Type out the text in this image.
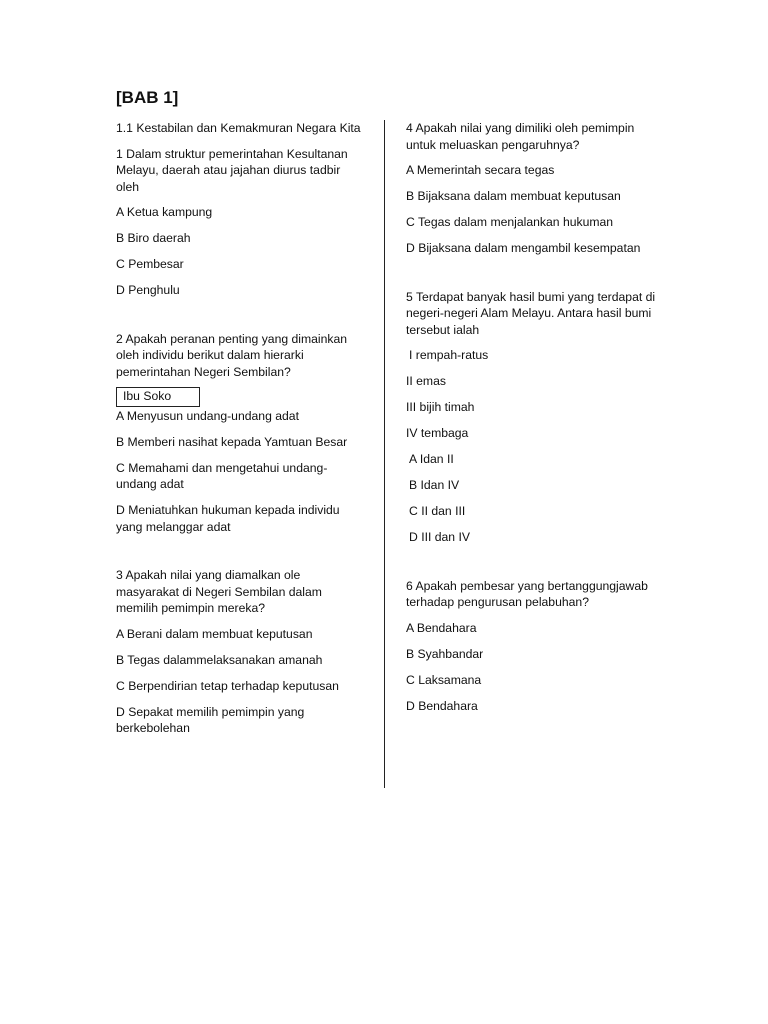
[BAB 1]

1.1 Kestabilan dan Kemakmuran Negara Kita

1 Dalam struktur pemerintahan Kesultanan Melayu, daerah atau jajahan diurus tadbir oleh

A Ketua kampung

B Biro daerah

C Pembesar

D Penghulu

2 Apakah peranan penting yang dimainkan oleh individu berikut dalam hierarki pemerintahan Negeri Sembilan?

Ibu Soko

A Menyusun undang-undang adat

B Memberi nasihat kepada Yamtuan Besar

C Memahami dan mengetahui undang-undang adat

D Meniatuhkan hukuman kepada individu yang melanggar adat

3 Apakah nilai yang diamalkan ole masyarakat di Negeri Sembilan dalam memilih pemimpin mereka?

A Berani dalam membuat keputusan

B Tegas dalammelaksanakan amanah

C Berpendirian tetap terhadap keputusan

D Sepakat memilih pemimpin yang berkebolehan

4 Apakah nilai yang dimiliki oleh pemimpin untuk meluaskan pengaruhnya?

A Memerintah secara tegas

B Bijaksana dalam membuat keputusan

C Tegas dalam menjalankan hukuman

D Bijaksana dalam mengambil kesempatan

5 Terdapat banyak hasil bumi yang terdapat di negeri-negeri Alam Melayu. Antara hasil bumi tersebut ialah

I rempah-ratus

II emas

III bijih timah

IV tembaga

A Idan II

B Idan IV

C II dan III

D III dan IV

6 Apakah pembesar yang bertanggungjawab terhadap pengurusan pelabuhan?

A Bendahara

B Syahbandar

C Laksamana

D Bendahara
